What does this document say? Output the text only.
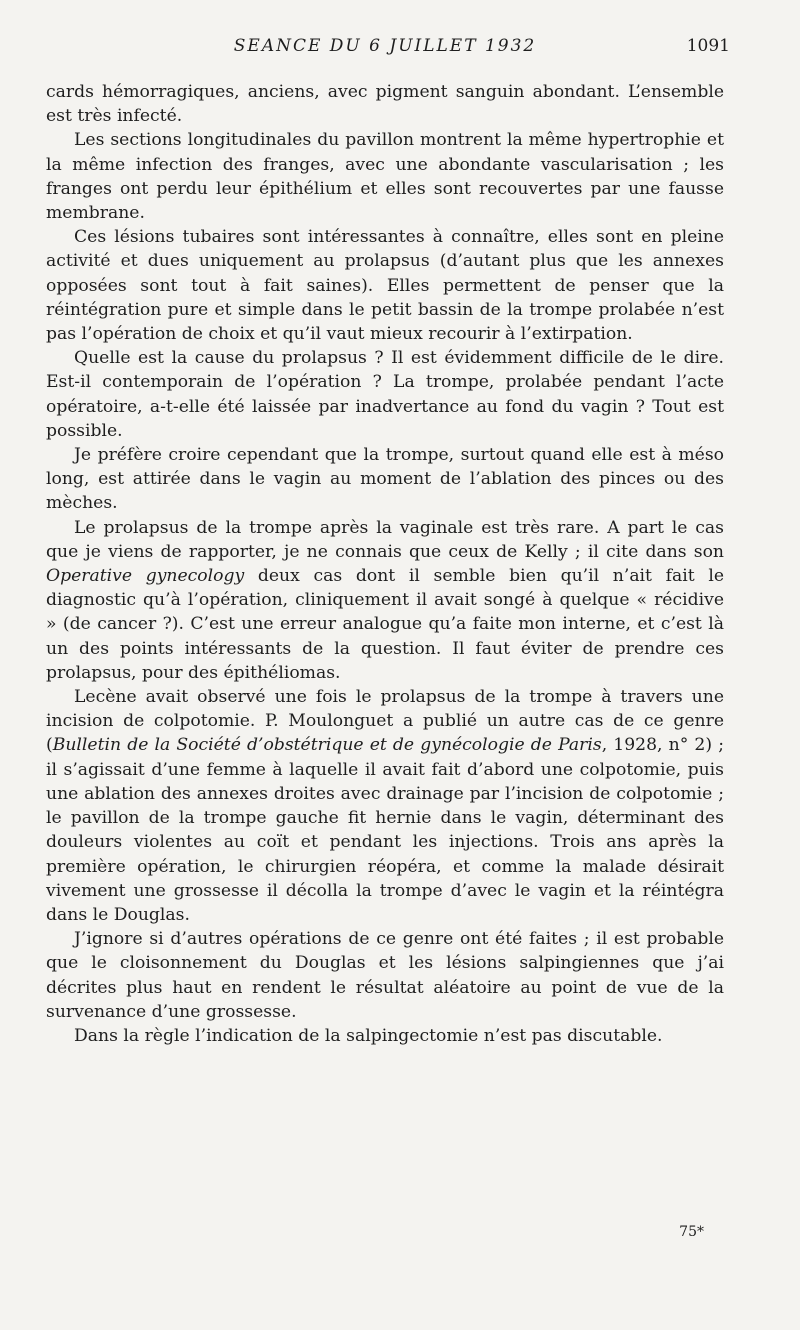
SEANCE DU 6 JUILLET 1932	1091

cards hémorragiques, anciens, avec pigment sanguin abondant. L’ensemble est très infecté.

Les sections longitudinales du pavillon montrent la même hypertrophie et la même infection des franges, avec une abondante vascularisation ; les franges ont perdu leur épithélium et elles sont recouvertes par une fausse membrane.

Ces lésions tubaires sont intéressantes à connaître, elles sont en pleine activité et dues uniquement au prolapsus (d’autant plus que les annexes opposées sont tout à fait saines). Elles permettent de penser que la réintégration pure et simple dans le petit bassin de la trompe prolabée n’est pas l’opération de choix et qu’il vaut mieux recourir à l’extirpation.

Quelle est la cause du prolapsus ? Il est évidemment difficile de le dire. Est-il contemporain de l’opération ? La trompe, prolabée pendant l’acte opératoire, a-t-elle été laissée par inadvertance au fond du vagin ? Tout est possible.

Je préfère croire cependant que la trompe, surtout quand elle est à méso long, est attirée dans le vagin au moment de l’ablation des pinces ou des mèches.

Le prolapsus de la trompe après la vaginale est très rare. A part le cas que je viens de rapporter, je ne connais que ceux de Kelly ; il cite dans son Operative gynecology deux cas dont il semble bien qu’il n’ait fait le diagnostic qu’à l’opération, cliniquement il avait songé à quelque « récidive » (de cancer ?). C’est une erreur analogue qu’a faite mon interne, et c’est là un des points intéressants de la question. Il faut éviter de prendre ces prolapsus, pour des épithéliomas.

Lecène avait observé une fois le prolapsus de la trompe à travers une incision de colpotomie. P. Moulonguet a publié un autre cas de ce genre (Bulletin de la Société d’obstétrique et de gynécologie de Paris, 1928, n° 2) ; il s’agissait d’une femme à laquelle il avait fait d’abord une colpotomie, puis une ablation des annexes droites avec drainage par l’incision de colpotomie ; le pavillon de la trompe gauche fit hernie dans le vagin, déterminant des douleurs violentes au coït et pendant les injections. Trois ans après la première opération, le chirurgien réopéra, et comme la malade désirait vivement une grossesse il décolla la trompe d’avec le vagin et la réintégra dans le Douglas.

J’ignore si d’autres opérations de ce genre ont été faites ; il est probable que le cloisonnement du Douglas et les lésions salpingiennes que j’ai décrites plus haut en rendent le résultat aléatoire au point de vue de la survenance d’une grossesse.

Dans la règle l’indication de la salpingectomie n’est pas discutable.

75*
